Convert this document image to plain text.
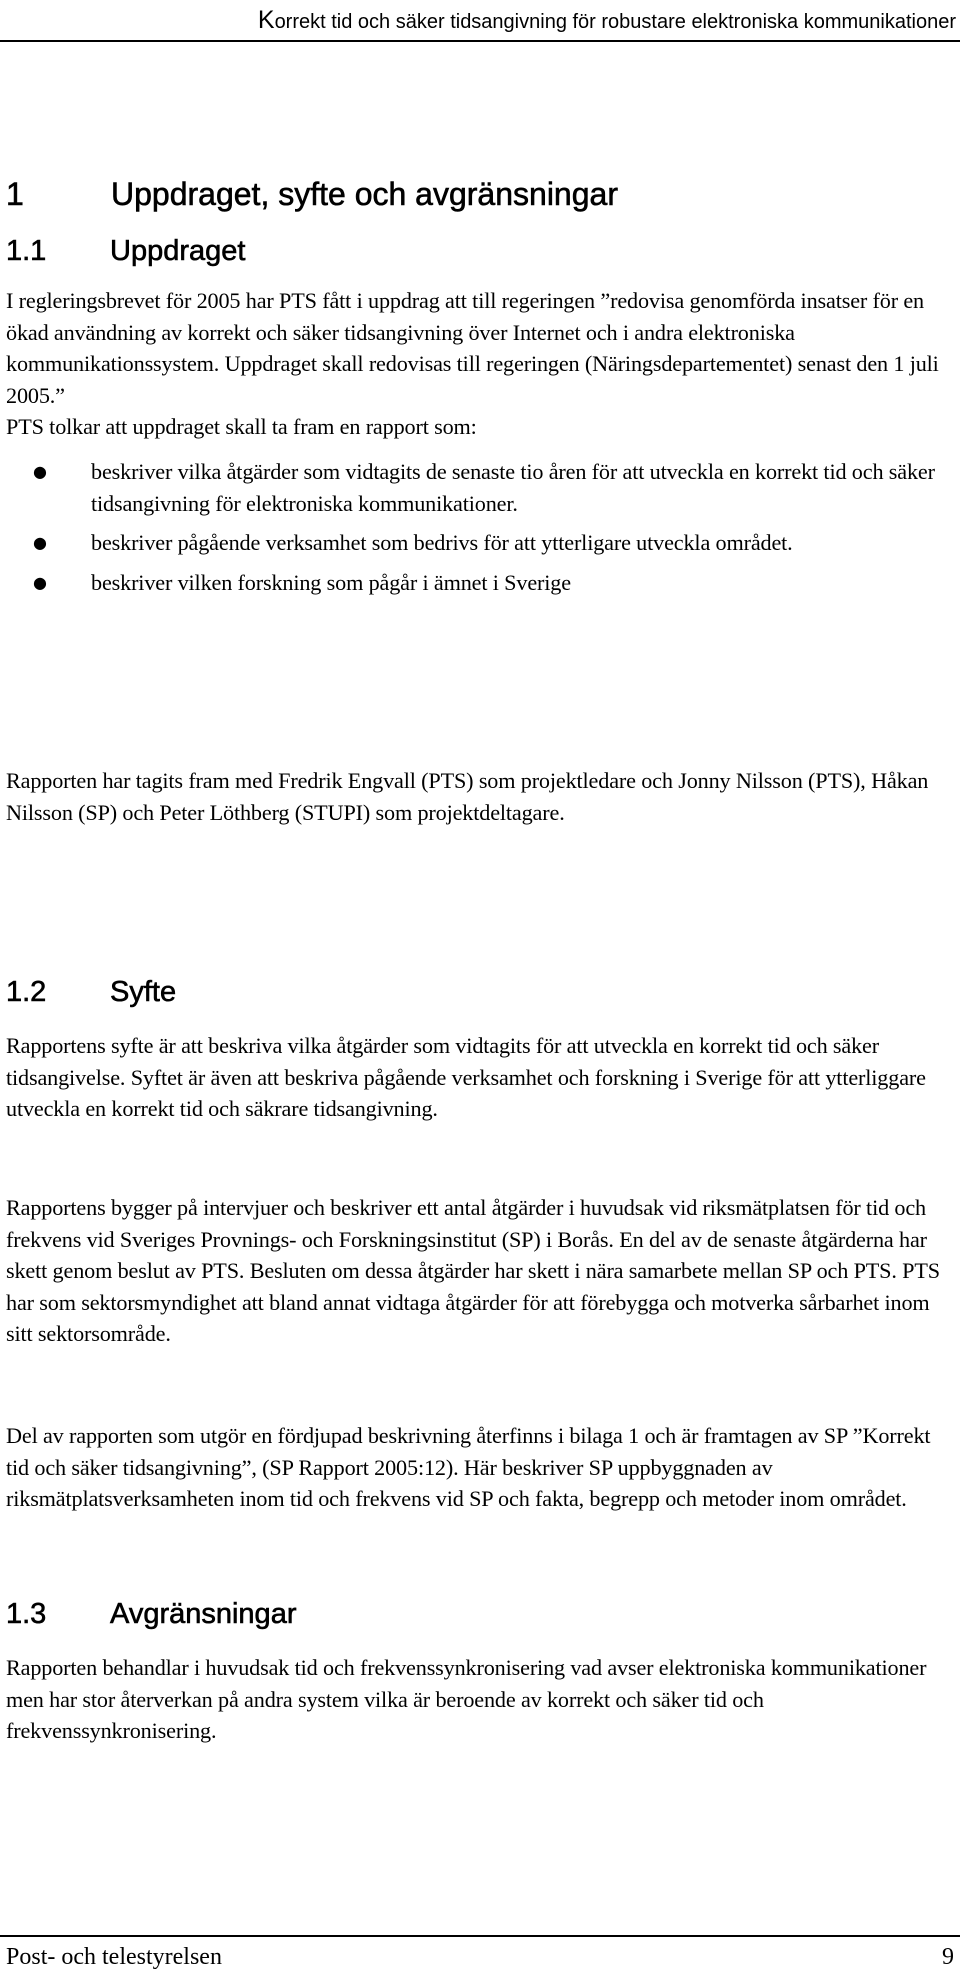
Korrekt tid och säker tidsangivning för robustare elektroniska kommunikationer
1	Uppdraget, syfte och avgränsningar
1.1 Uppdraget

I regleringsbrevet för 2005 har PTS fått i uppdrag att till regeringen ”redovisa genomförda insatser för en ökad användning av korrekt och säker tidsangivning över Internet och i andra elektroniska kommunikationssystem. Uppdraget skall redovisas till regeringen (Näringsdepartementet) senast den 1 juli 2005.”

PTS tolkar att uppdraget skall ta fram en rapport som:

● beskriver vilka åtgärder som vidtagits de senaste tio åren för att utveckla en korrekt tid och säker tidsangivning för elektroniska kommunikationer.
● beskriver pågående verksamhet som bedrivs för att ytterligare utveckla området.
● beskriver vilken forskning som pågår i ämnet i Sverige

Rapporten har tagits fram med Fredrik Engvall (PTS) som projektledare och Jonny Nilsson (PTS), Håkan Nilsson (SP) och Peter Löthberg (STUPI) som projektdeltagare.

1.2 Syfte

Rapportens syfte är att beskriva vilka åtgärder som vidtagits för att utveckla en korrekt tid och säker tidsangivelse. Syftet är även att beskriva pågående verksamhet och forskning i Sverige för att ytterliggare utveckla en korrekt tid och säkrare tidsangivning.

Rapportens bygger på intervjuer och beskriver ett antal åtgärder i huvudsak vid riksmätplatsen för tid och frekvens vid Sveriges Provnings- och Forskningsinstitut (SP) i Borås. En del av de senaste åtgärderna har skett genom beslut av PTS. Besluten om dessa åtgärder har skett i nära samarbete mellan SP och PTS. PTS har som sektorsmyndighet att bland annat vidtaga åtgärder för att förebygga och motverka sårbarhet inom sitt sektorsområde.

Del av rapporten som utgör en fördjupad beskrivning återfinns i bilaga 1 och är framtagen av SP ”Korrekt tid och säker tidsangivning”, (SP Rapport 2005:12). Här beskriver SP uppbyggnaden av riksmätplatsverksamheten inom tid och frekvens vid SP och fakta, begrepp och metoder inom området.

1.3 Avgränsningar

Rapporten behandlar i huvudsak tid och frekvenssynkronisering vad avser elektroniska kommunikationer men har stor återverkan på andra system vilka är beroende av korrekt och säker tid och frekvenssynkronisering.

Post- och telestyrelsen	9
